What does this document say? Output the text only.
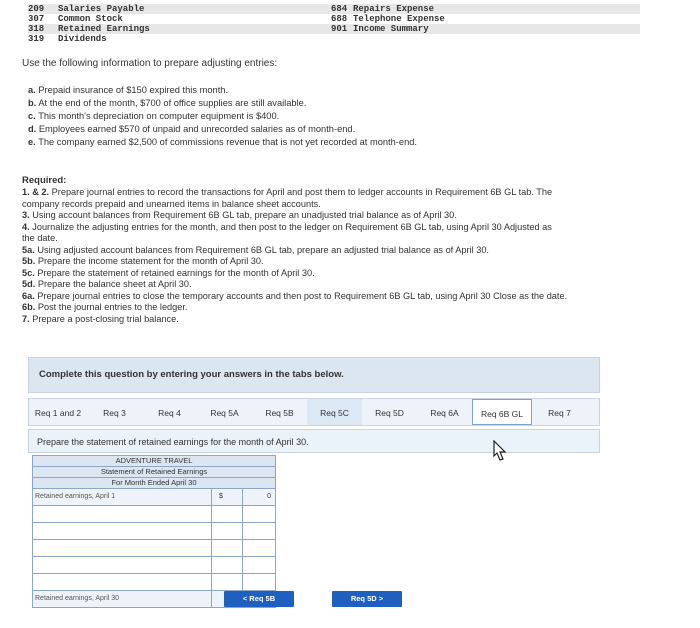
209 Salaries Payable	684 Repairs Expense
307 Common Stock	688 Telephone Expense
318 Retained Earnings	901 Income Summary
319 Dividends
Use the following information to prepare adjusting entries:
a. Prepaid insurance of $150 expired this month.
b. At the end of the month, $700 of office supplies are still available.
c. This month's depreciation on computer equipment is $400.
d. Employees earned $570 of unpaid and unrecorded salaries as of month-end.
e. The company earned $2,500 of commissions revenue that is not yet recorded at month-end.
Required:
1. & 2. Prepare journal entries to record the transactions for April and post them to ledger accounts in Requirement 6B GL tab. The
company records prepaid and unearned items in balance sheet accounts.
3. Using account balances from Requirement 6B GL tab, prepare an unadjusted trial balance as of April 30.
4. Journalize the adjusting entries for the month, and then post to the ledger on Requirement 6B GL tab, using April 30 Adjusted as
the date.
5a. Using adjusted account balances from Requirement 6B GL tab, prepare an adjusted trial balance as of April 30.
5b. Prepare the income statement for the month of April 30.
5c. Prepare the statement of retained earnings for the month of April 30.
5d. Prepare the balance sheet at April 30.
6a. Prepare journal entries to close the temporary accounts and then post to Requirement 6B GL tab, using April 30 Close as the date.
6b. Post the journal entries to the ledger.
7. Prepare a post-closing trial balance.
Complete this question by entering your answers in the tabs below.
Req 1 and 2	Req 3	Req 4	Req 5A	Req 5B	Req 5C	Req 5D	Req 6A	Req 6B GL	Req 7
Prepare the statement of retained earnings for the month of April 30.
ADVENTURE TRAVEL
Statement of Retained Earnings
For Month Ended April 30
Retained earnings, April 1	$	0
Retained earnings, April 30	< Req 5B	Req 5D >
